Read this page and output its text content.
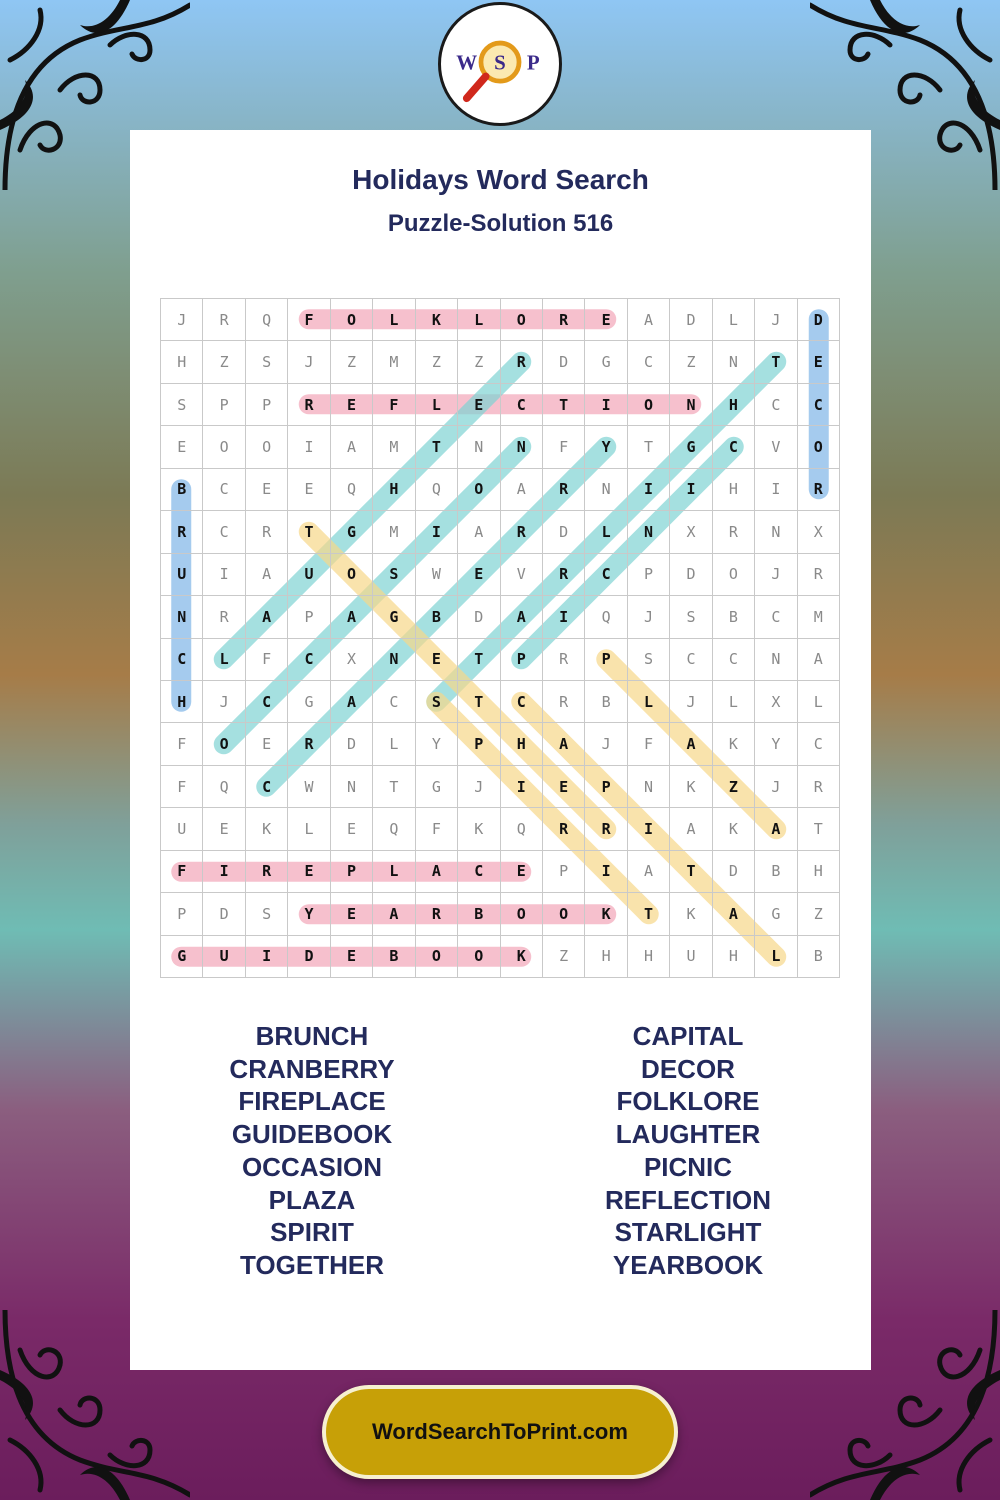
W S P
Holidays Word Search
Puzzle-Solution 516
J	R	Q	F	O	L	K	L	O	R	E	A	D	L	J	D
H	Z	S	J	Z	M	Z	Z	R	D	G	C	Z	N	T	E
S	P	P	R	E	F	L	E	C	T	I	O	N	H	C	C
E	O	O	I	A	M	T	N	N	F	Y	T	G	C	V	O
B	C	E	E	Q	H	Q	O	A	R	N	I	I	H	I	R
R	C	R	T	G	M	I	A	R	D	L	N	X	R	N	X
U	I	A	U	O	S	W	E	V	R	C	P	D	O	J	R
N	R	A	P	A	G	B	D	A	I	Q	J	S	B	C	M
C	L	F	C	X	N	E	T	P	R	P	S	C	C	N	A
H	J	C	G	A	C	S	T	C	R	B	L	J	L	X	L
F	O	E	R	D	L	Y	P	H	A	J	F	A	K	Y	C
F	Q	C	W	N	T	G	J	I	E	P	N	K	Z	J	R
U	E	K	L	E	Q	F	K	Q	R	R	I	A	K	A	T
F	I	R	E	P	L	A	C	E	P	I	A	T	D	B	H
P	D	S	Y	E	A	R	B	O	O	K	T	K	A	G	Z
G	U	I	D	E	B	O	O	K	Z	H	H	U	H	L	B
BRUNCH
CRANBERRY
FIREPLACE
GUIDEBOOK
OCCASION
PLAZA
SPIRIT
TOGETHER
CAPITAL
DECOR
FOLKLORE
LAUGHTER
PICNIC
REFLECTION
STARLIGHT
YEARBOOK
WordSearchToPrint.com
